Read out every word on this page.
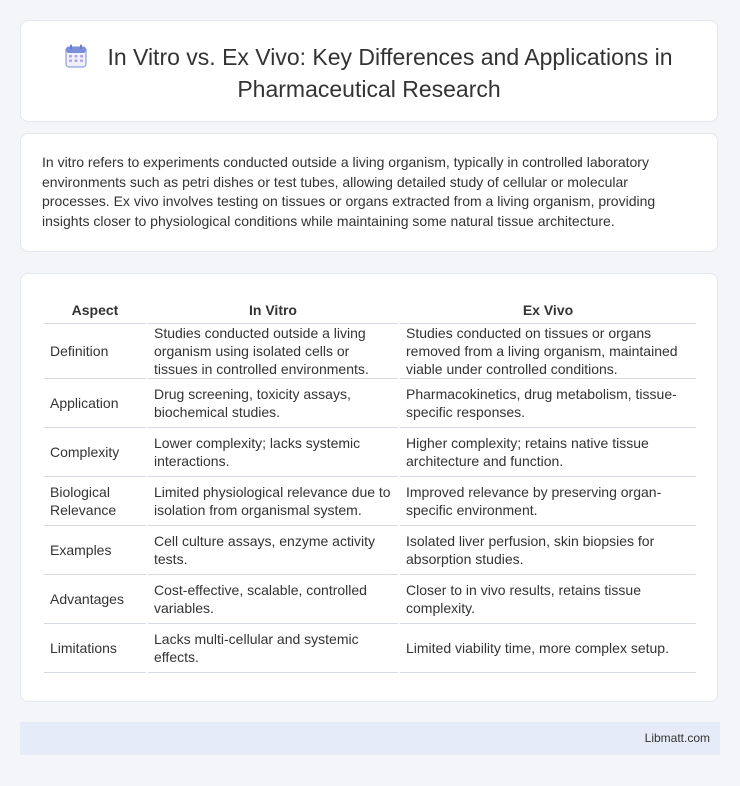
In Vitro vs. Ex Vivo: Key Differences and Applications in Pharmaceutical Research
In vitro refers to experiments conducted outside a living organism, typically in controlled laboratory environments such as petri dishes or test tubes, allowing detailed study of cellular or molecular processes. Ex vivo involves testing on tissues or organs extracted from a living organism, providing insights closer to physiological conditions while maintaining some natural tissue architecture.
Aspect	In Vitro	Ex Vivo
Definition	Studies conducted outside a living organism using isolated cells or tissues in controlled environments.	Studies conducted on tissues or organs removed from a living organism, maintained viable under controlled conditions.
Application	Drug screening, toxicity assays, biochemical studies.	Pharmacokinetics, drug metabolism, tissue-specific responses.
Complexity	Lower complexity; lacks systemic interactions.	Higher complexity; retains native tissue architecture and function.
Biological Relevance	Limited physiological relevance due to isolation from organismal system.	Improved relevance by preserving organ-specific environment.
Examples	Cell culture assays, enzyme activity tests.	Isolated liver perfusion, skin biopsies for absorption studies.
Advantages	Cost-effective, scalable, controlled variables.	Closer to in vivo results, retains tissue complexity.
Limitations	Lacks multi-cellular and systemic effects.	Limited viability time, more complex setup.
Libmatt.com
